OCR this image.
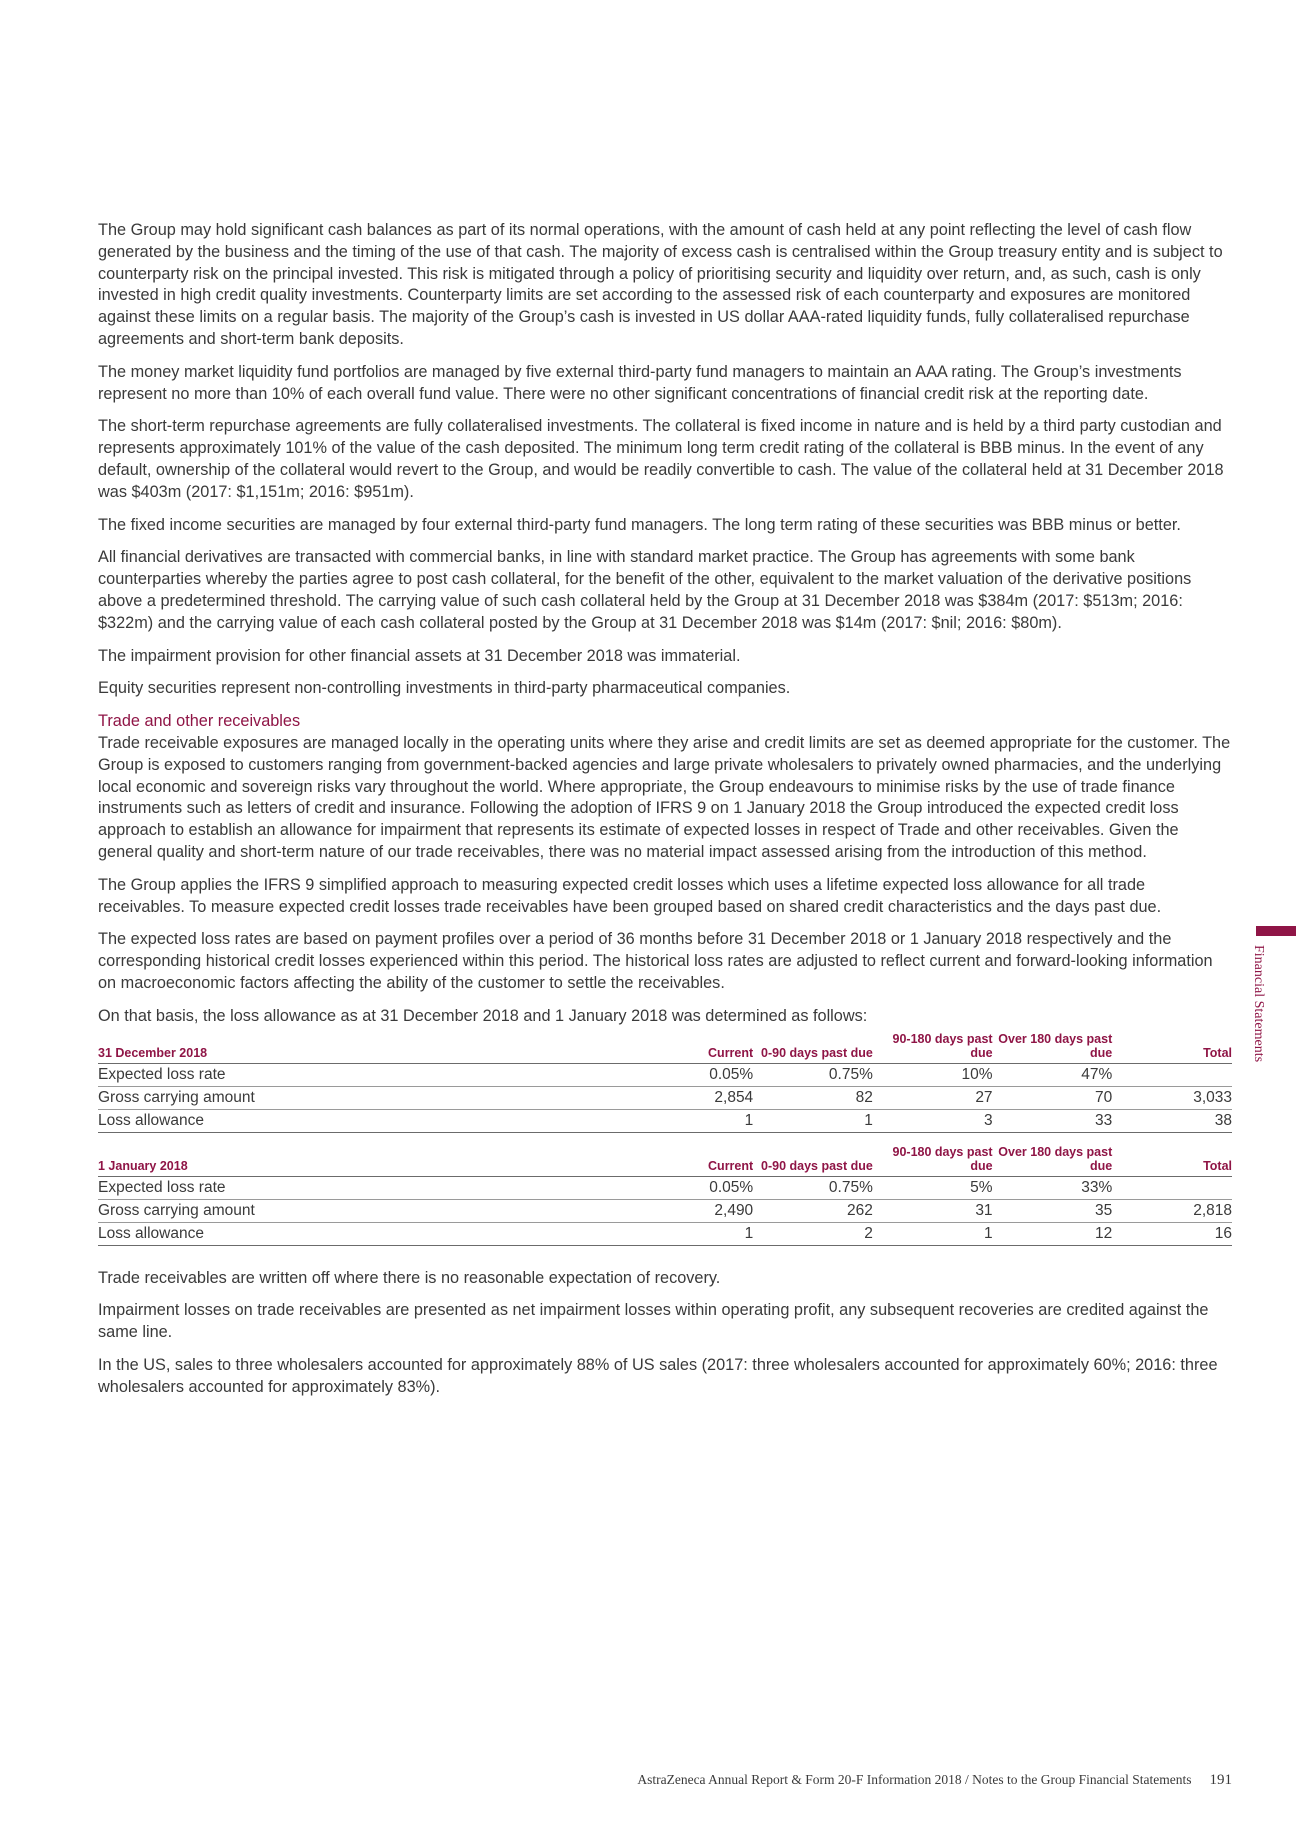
The Group may hold significant cash balances as part of its normal operations, with the amount of cash held at any point reflecting the level of cash flow generated by the business and the timing of the use of that cash. The majority of excess cash is centralised within the Group treasury entity and is subject to counterparty risk on the principal invested. This risk is mitigated through a policy of prioritising security and liquidity over return, and, as such, cash is only invested in high credit quality investments. Counterparty limits are set according to the assessed risk of each counterparty and exposures are monitored against these limits on a regular basis. The majority of the Group’s cash is invested in US dollar AAA-rated liquidity funds, fully collateralised repurchase agreements and short-term bank deposits.

The money market liquidity fund portfolios are managed by five external third-party fund managers to maintain an AAA rating. The Group’s investments represent no more than 10% of each overall fund value. There were no other significant concentrations of financial credit risk at the reporting date.

The short-term repurchase agreements are fully collateralised investments. The collateral is fixed income in nature and is held by a third party custodian and represents approximately 101% of the value of the cash deposited. The minimum long term credit rating of the collateral is BBB minus. In the event of any default, ownership of the collateral would revert to the Group, and would be readily convertible to cash. The value of the collateral held at 31 December 2018 was $403m (2017: $1,151m; 2016: $951m).

The fixed income securities are managed by four external third-party fund managers. The long term rating of these securities was BBB minus or better.

All financial derivatives are transacted with commercial banks, in line with standard market practice. The Group has agreements with some bank counterparties whereby the parties agree to post cash collateral, for the benefit of the other, equivalent to the market valuation of the derivative positions above a predetermined threshold. The carrying value of such cash collateral held by the Group at 31 December 2018 was $384m (2017: $513m; 2016: $322m) and the carrying value of each cash collateral posted by the Group at 31 December 2018 was $14m (2017: $nil; 2016: $80m).

The impairment provision for other financial assets at 31 December 2018 was immaterial.

Equity securities represent non-controlling investments in third-party pharmaceutical companies.

Trade and other receivables

Trade receivable exposures are managed locally in the operating units where they arise and credit limits are set as deemed appropriate for the customer. The Group is exposed to customers ranging from government-backed agencies and large private wholesalers to privately owned pharmacies, and the underlying local economic and sovereign risks vary throughout the world. Where appropriate, the Group endeavours to minimise risks by the use of trade finance instruments such as letters of credit and insurance. Following the adoption of IFRS 9 on 1 January 2018 the Group introduced the expected credit loss approach to establish an allowance for impairment that represents its estimate of expected losses in respect of Trade and other receivables. Given the general quality and short-term nature of our trade receivables, there was no material impact assessed arising from the introduction of this method.

The Group applies the IFRS 9 simplified approach to measuring expected credit losses which uses a lifetime expected loss allowance for all trade receivables. To measure expected credit losses trade receivables have been grouped based on shared credit characteristics and the days past due.

The expected loss rates are based on payment profiles over a period of 36 months before 31 December 2018 or 1 January 2018 respectively and the corresponding historical credit losses experienced within this period. The historical loss rates are adjusted to reflect current and forward-looking information on macroeconomic factors affecting the ability of the customer to settle the receivables.

On that basis, the loss allowance as at 31 December 2018 and 1 January 2018 was determined as follows:

31 December 2018	Current	0-90 days past due	90-180 days past due	Over 180 days past due	Total
Expected loss rate	0.05%	0.75%	10%	47%	
Gross carrying amount	2,854	82	27	70	3,033
Loss allowance	1	1	3	33	38
1 January 2018	Current	0-90 days past due	90-180 days past due	Over 180 days past due	Total
Expected loss rate	0.05%	0.75%	5%	33%	
Gross carrying amount	2,490	262	31	35	2,818
Loss allowance	1	2	1	12	16

Trade receivables are written off where there is no reasonable expectation of recovery.

Impairment losses on trade receivables are presented as net impairment losses within operating profit, any subsequent recoveries are credited against the same line.

In the US, sales to three wholesalers accounted for approximately 88% of US sales (2017: three wholesalers accounted for approximately 60%; 2016: three wholesalers accounted for approximately 83%).

Financial Statements
AstraZeneca Annual Report & Form 20-F Information 2018 / Notes to the Group Financial Statements 191
